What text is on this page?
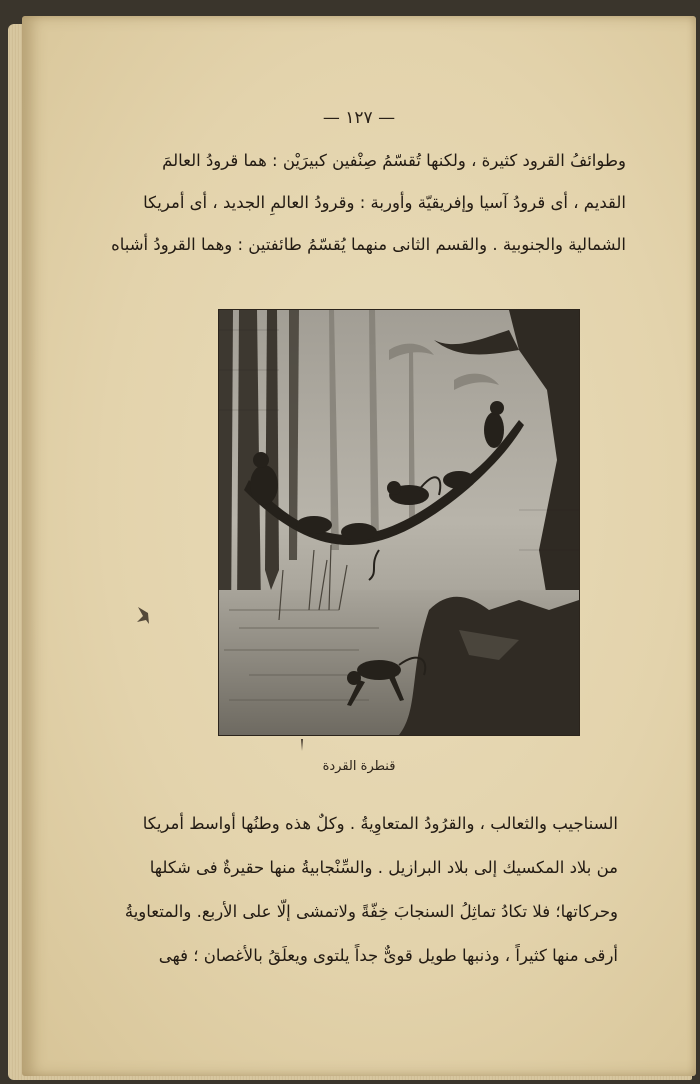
— ١٢٧ —

وطوائفُ القرود كثيرة ، ولكنها تُقسّمُ صِنْفين كبيرَيْن : هما قرودُ العالمَ

القديم ، أى قرودُ آسيا وإفريقيّة وأوربة : وقرودُ العالمِ الجديد ، أى أمريكا

الشمالية والجنوبية . والقسم الثانى منهما يُقسّمُ طائفتين : وهما القرودُ أشباه

قنطرة القردة

السناجيب والثعالب ، والقرُودُ المتعاوِيةُ . وكلٌ هذه وطنُها أواسط أمريكا

من بلاد المكسيك إلى بلاد البرازيل . والسِّنْجابيةُ منها حقيرةٌ فى شكلها

وحركاتها؛ فلا تكادُ تماثِلُ السنجابَ خِفّةً ولاتمشى إلّا على الأربع. والمتعاويةُ

أرقى منها كثيراً ، وذنبها طويل قوىٌّ جداً يلتوى ويعلَقُ بالأغصان ؛ فهى
